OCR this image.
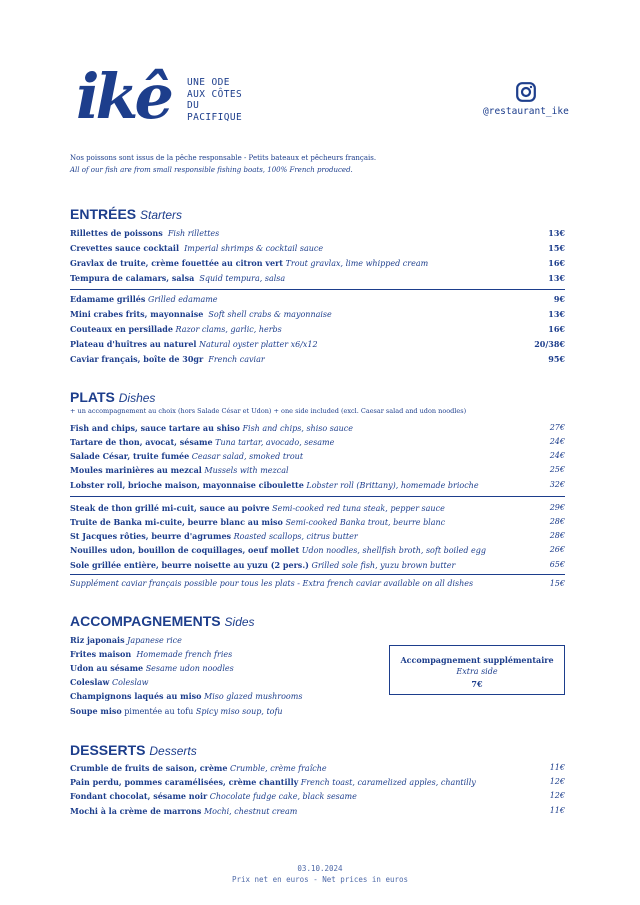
ikê UNE ODE
AUX CÔTES
DU
PACIFIQUE	@restaurant_ike
Nos poissons sont issus de la pêche responsable - Petits bateaux et pêcheurs français.
All of our fish are from small responsible fishing boats, 100% French produced.
ENTRÉES Starters
Rillettes de poissons Fish rillettes	13€
Crevettes sauce cocktail Imperial shrimps & cocktail sauce	15€
Gravlax de truite, crème fouettée au citron vert Trout gravlax, lime whipped cream	16€
Tempura de calamars, salsa Squid tempura, salsa	13€
Edamame grillés Grilled edamame	9€
Mini crabes frits, mayonnaise Soft shell crabs & mayonnaise	13€
Couteaux en persillade Razor clams, garlic, herbs	16€
Plateau d'huîtres au naturel Natural oyster platter x6/x12	20/38€
Caviar français, boîte de 30gr French caviar	95€
PLATS Dishes
+ un accompagnement au choix (hors Salade César et Udon) + one side included (excl. Caesar salad and udon noodles)
Fish and chips, sauce tartare au shiso Fish and chips, shiso sauce	27€
Tartare de thon, avocat, sésame Tuna tartar, avocado, sesame	24€
Salade César, truite fumée Ceasar salad, smoked trout	24€
Moules marinières au mezcal Mussels with mezcal	25€
Lobster roll, brioche maison, mayonnaise ciboulette Lobster roll (Brittany), homemade brioche	32€
Steak de thon grillé mi-cuit, sauce au poivre Semi-cooked red tuna steak, pepper sauce	29€
Truite de Banka mi-cuite, beurre blanc au miso Semi-cooked Banka trout, beurre blanc	28€
St Jacques rôties, beurre d'agrumes Roasted scallops, citrus butter	28€
Nouilles udon, bouillon de coquillages, oeuf mollet Udon noodles, shellfish broth, soft boiled egg	26€
Sole grillée entière, beurre noisette au yuzu (2 pers.) Grilled sole fish, yuzu brown butter	65€
Supplément caviar français possible pour tous les plats - Extra french caviar available on all dishes	15€
ACCOMPAGNEMENTS Sides
Riz japonais Japanese rice
Frites maison Homemade french fries
Udon au sésame Sesame udon noodles
Coleslaw Coleslaw
Champignons laqués au miso Miso glazed mushrooms
Soupe miso pimentée au tofu Spicy miso soup, tofu
Accompagnement supplémentaire
Extra side
7€
DESSERTS Desserts
Crumble de fruits de saison, crème Crumble, crème fraîche	11€
Pain perdu, pommes caramélisées, crème chantilly French toast, caramelized apples, chantilly	12€
Fondant chocolat, sésame noir Chocolate fudge cake, black sesame	12€
Mochi à la crème de marrons Mochi, chestnut cream	11€
03.10.2024
Prix net en euros - Net prices in euros
